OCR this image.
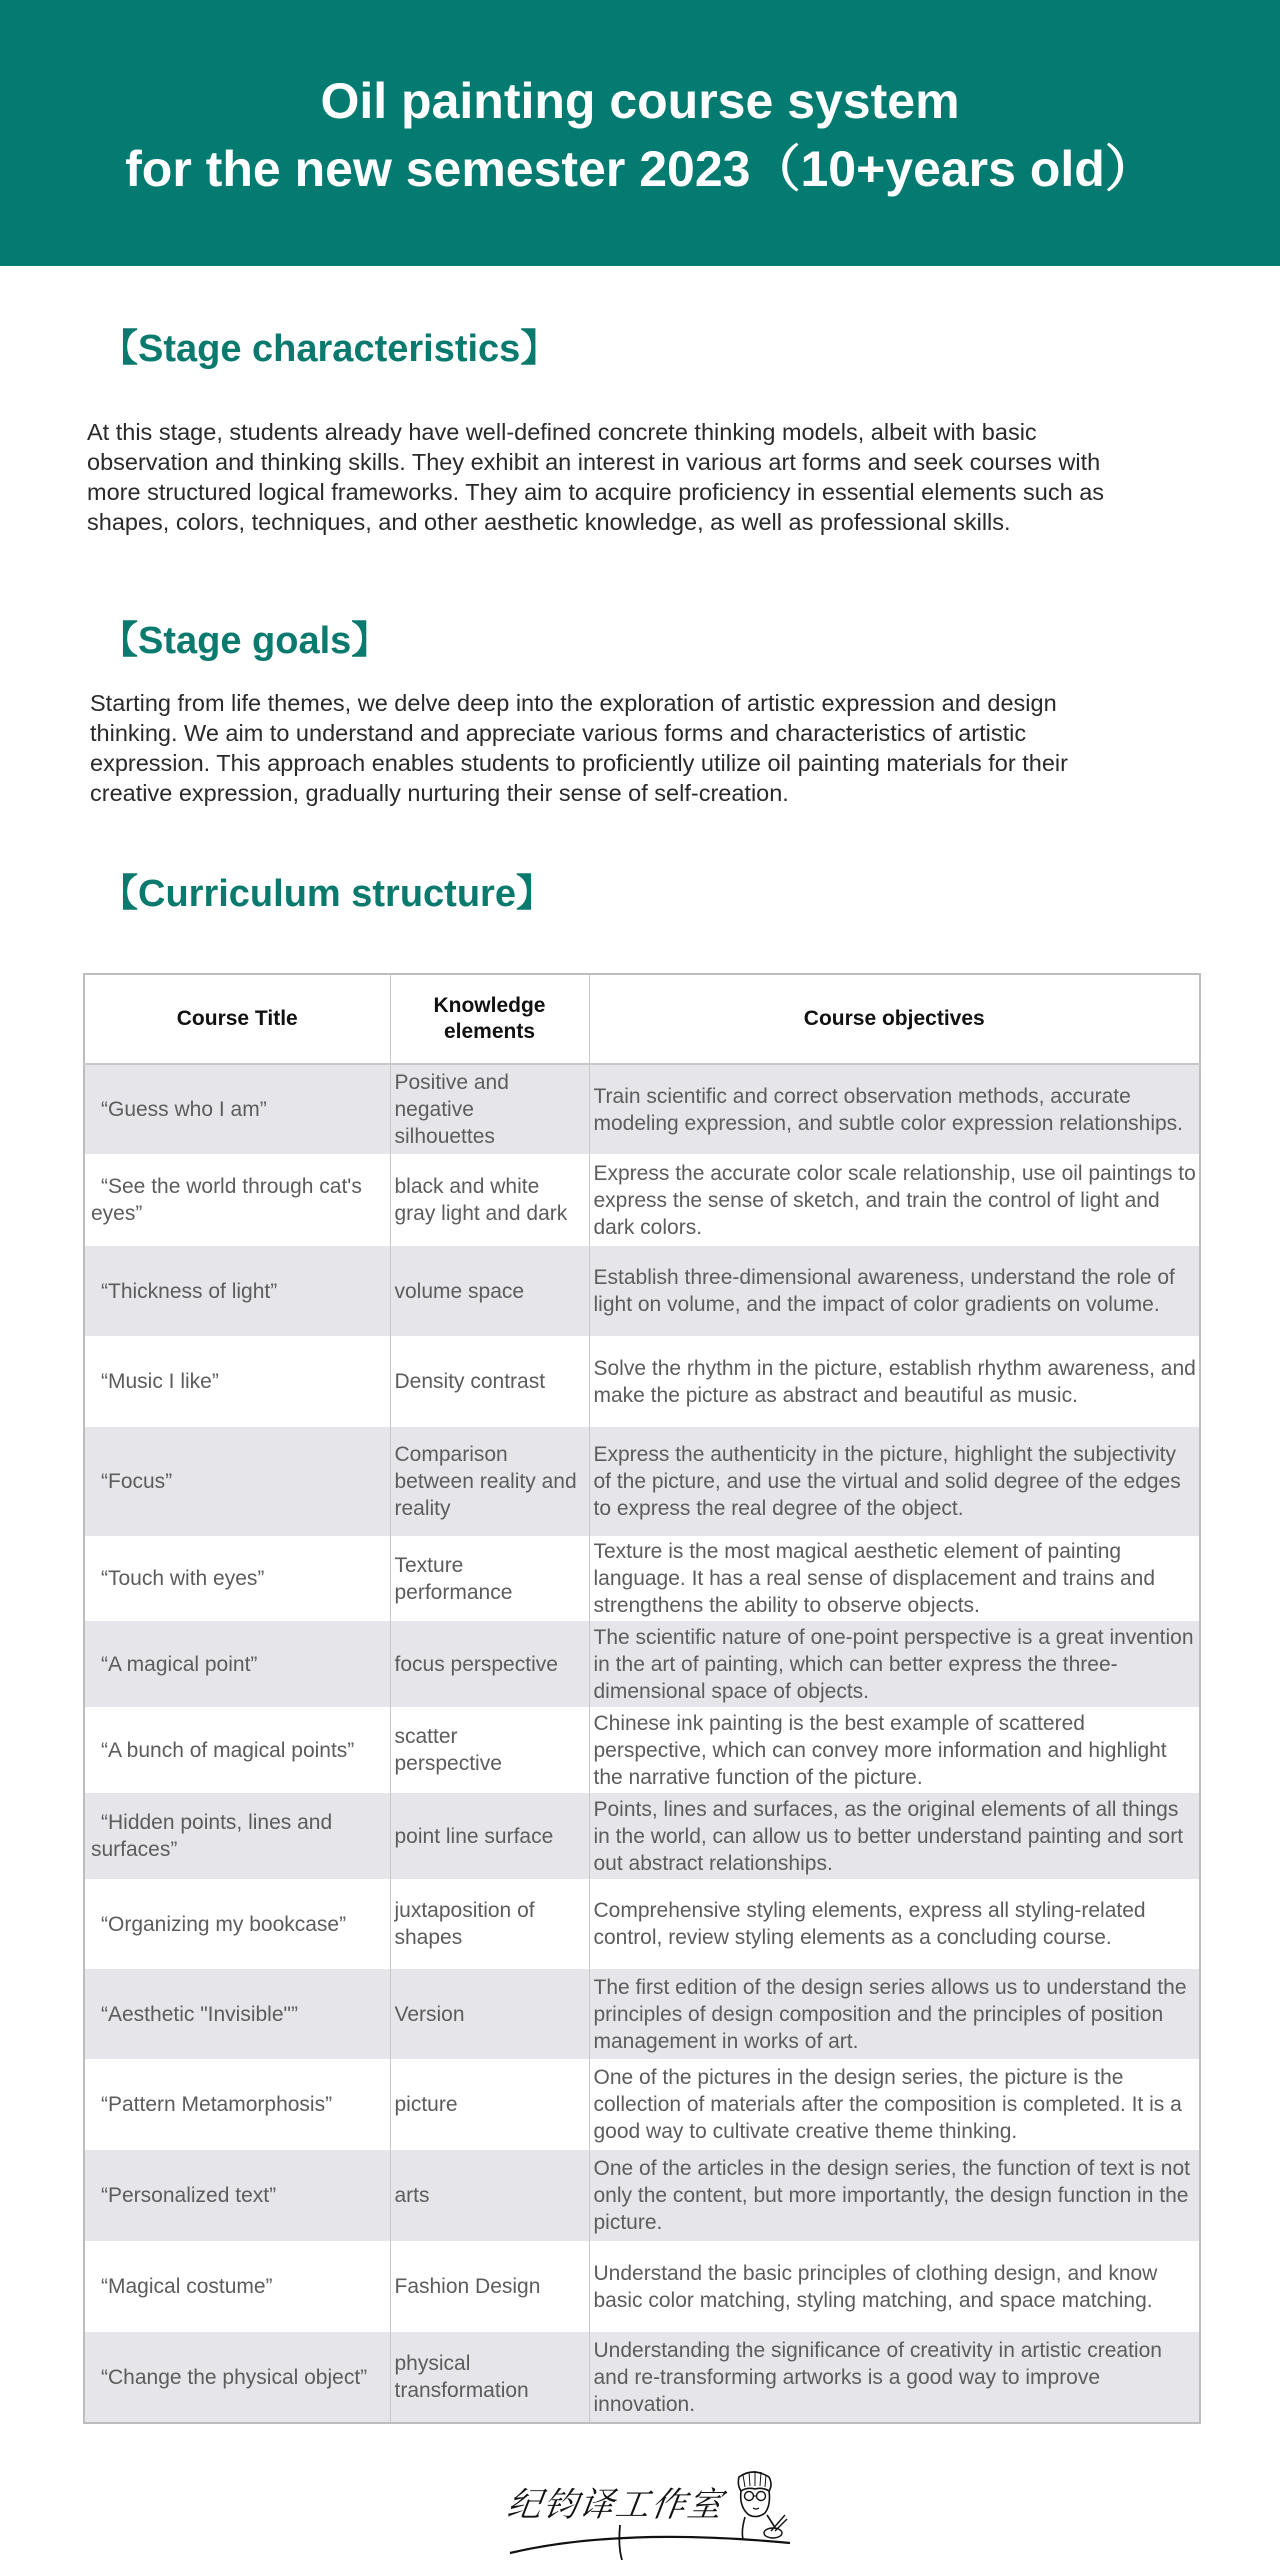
Oil painting course system
for the new semester 2023（10+years old）
【Stage characteristics】
At this stage, students already have well-defined concrete thinking models, albeit with basic
observation and thinking skills. They exhibit an interest in various art forms and seek courses with
more structured logical frameworks. They aim to acquire proficiency in essential elements such as
shapes, colors, techniques, and other aesthetic knowledge, as well as professional skills.
【Stage goals】
Starting from life themes, we delve deep into the exploration of artistic expression and design
thinking. We aim to understand and appreciate various forms and characteristics of artistic
expression. This approach enables students to proficiently utilize oil painting materials for their
creative expression, gradually nurturing their sense of self-creation.
【Curriculum structure】
Course Title	Knowledge elements	Course objectives
“Guess who I am”	Positive and negative silhouettes	Train scientific and correct observation methods, accurate modeling expression, and subtle color expression relationships.
“See the world through cat's eyes”	black and white gray light and dark	Express the accurate color scale relationship, use oil paintings to express the sense of sketch, and train the control of light and dark colors.
“Thickness of light”	volume space	Establish three-dimensional awareness, understand the role of light on volume, and the impact of color gradients on volume.
“Music I like”	Density contrast	Solve the rhythm in the picture, establish rhythm awareness, and make the picture as abstract and beautiful as music.
“Focus”	Comparison between reality and reality	Express the authenticity in the picture, highlight the subjectivity of the picture, and use the virtual and solid degree of the edges to express the real degree of the object.
“Touch with eyes”	Texture performance	Texture is the most magical aesthetic element of painting language. It has a real sense of displacement and trains and strengthens the ability to observe objects.
“A magical point”	focus perspective	The scientific nature of one-point perspective is a great invention in the art of painting, which can better express the three-dimensional space of objects.
“A bunch of magical points”	scatter perspective	Chinese ink painting is the best example of scattered perspective, which can convey more information and highlight the narrative function of the picture.
“Hidden points, lines and surfaces”	point line surface	Points, lines and surfaces, as the original elements of all things in the world, can allow us to better understand painting and sort out abstract relationships.
“Organizing my bookcase”	juxtaposition of shapes	Comprehensive styling elements, express all styling-related control, review styling elements as a concluding course.
“Aesthetic "Invisible"”	Version	The first edition of the design series allows us to understand the principles of design composition and the principles of position management in works of art.
“Pattern Metamorphosis”	picture	One of the pictures in the design series, the picture is the collection of materials after the composition is completed. It is a good way to cultivate creative theme thinking.
“Personalized text”	arts	One of the articles in the design series, the function of text is not only the content, but more importantly, the design function in the picture.
“Magical costume”	Fashion Design	Understand the basic principles of clothing design, and know basic color matching, styling matching, and space matching.
“Change the physical object”	physical transformation	Understanding the significance of creativity in artistic creation and re-transforming artworks is a good way to improve innovation.
纪钧译工作室
